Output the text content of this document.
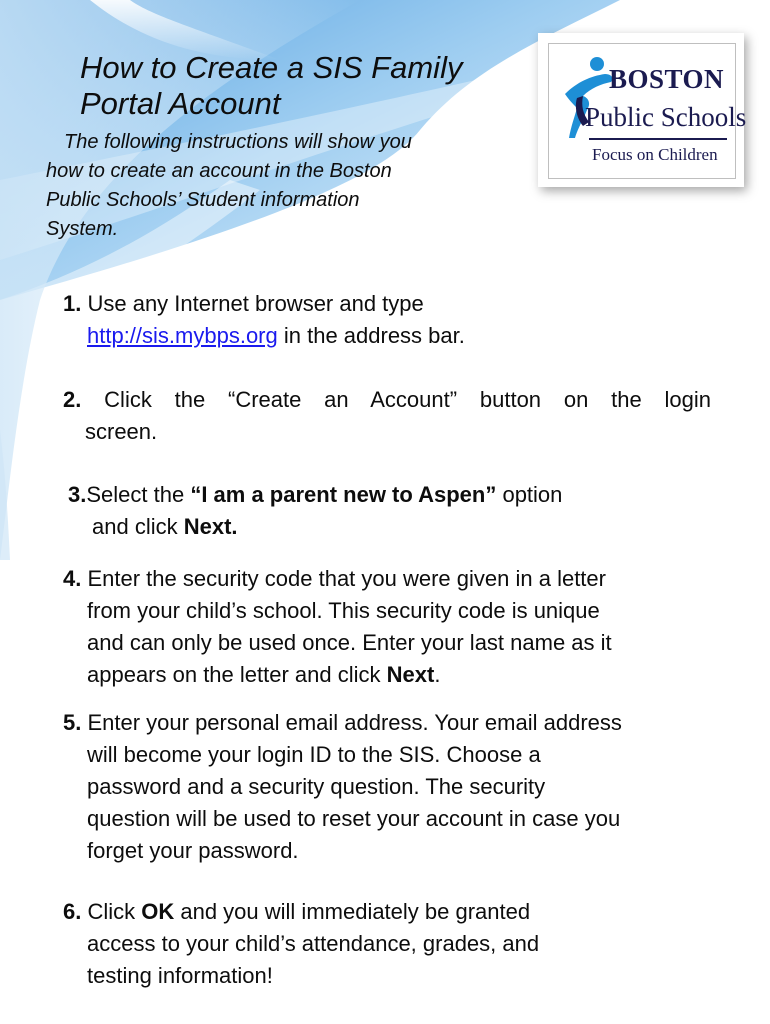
How to Create a SIS Family
Portal Account
The following instructions will show you
how to create an account in the Boston
Public Schools’ Student information
System.
BOSTON
Public Schools
Focus on Children
1. Use any Internet browser and type
http://sis.mybps.org in the address bar.
2. Click the “Create an Account” button on the login
screen.
3.Select the “I am a parent new to Aspen” option
and click Next.
4. Enter the security code that you were given in a letter
from your child’s school. This security code is unique
and can only be used once. Enter your last name as it
appears on the letter and click Next.
5. Enter your personal email address. Your email address
will become your login ID to the SIS. Choose a
password and a security question. The security
question will be used to reset your account in case you
forget your password.
6. Click OK and you will immediately be granted
access to your child’s attendance, grades, and
testing information!
